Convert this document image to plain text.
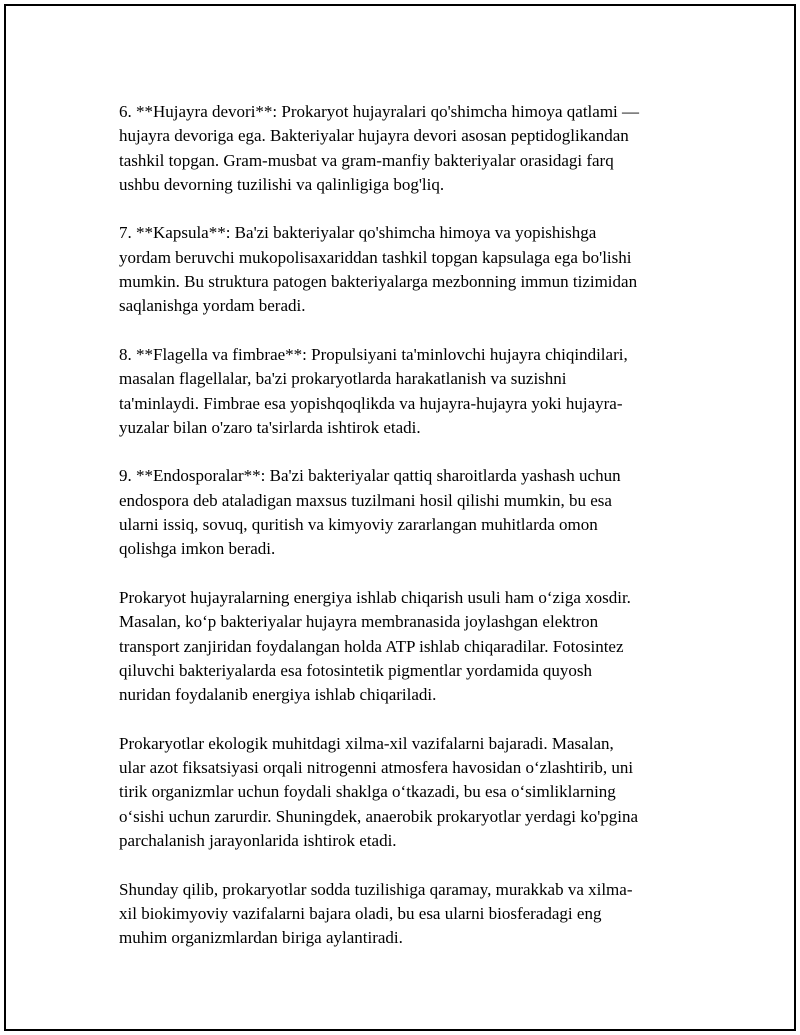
6. **Hujayra devori**: Prokaryot hujayralari qo'shimcha himoya qatlami —
hujayra devoriga ega. Bakteriyalar hujayra devori asosan peptidoglikandan
tashkil topgan. Gram-musbat va gram-manfiy bakteriyalar orasidagi farq
ushbu devorning tuzilishi va qalinligiga bog'liq.

7. **Kapsula**: Ba'zi bakteriyalar qo'shimcha himoya va yopishishga
yordam beruvchi mukopolisaxariddan tashkil topgan kapsulaga ega bo'lishi
mumkin. Bu struktura patogen bakteriyalarga mezbonning immun tizimidan
saqlanishga yordam beradi.

8. **Flagella va fimbrae**: Propulsiyani ta'minlovchi hujayra chiqindilari,
masalan flagellalar, ba'zi prokaryotlarda harakatlanish va suzishni
ta'minlaydi. Fimbrae esa yopishqoqlikda va hujayra-hujayra yoki hujayra-
yuzalar bilan o'zaro ta'sirlarda ishtirok etadi.

9. **Endosporalar**: Ba'zi bakteriyalar qattiq sharoitlarda yashash uchun
endospora deb ataladigan maxsus tuzilmani hosil qilishi mumkin, bu esa
ularni issiq, sovuq, quritish va kimyoviy zararlangan muhitlarda omon
qolishga imkon beradi.

Prokaryot hujayralarning energiya ishlab chiqarish usuli ham o‘ziga xosdir.
Masalan, ko‘p bakteriyalar hujayra membranasida joylashgan elektron
transport zanjiridan foydalangan holda ATP ishlab chiqaradilar. Fotosintez
qiluvchi bakteriyalarda esa fotosintetik pigmentlar yordamida quyosh
nuridan foydalanib energiya ishlab chiqariladi.

Prokaryotlar ekologik muhitdagi xilma-xil vazifalarni bajaradi. Masalan,
ular azot fiksatsiyasi orqali nitrogenni atmosfera havosidan o‘zlashtirib, uni
tirik organizmlar uchun foydali shaklga o‘tkazadi, bu esa o‘simliklarning
o‘sishi uchun zarurdir. Shuningdek, anaerobik prokaryotlar yerdagi ko'pgina
parchalanish jarayonlarida ishtirok etadi.

Shunday qilib, prokaryotlar sodda tuzilishiga qaramay, murakkab va xilma-
xil biokimyoviy vazifalarni bajara oladi, bu esa ularni biosferadagi eng
muhim organizmlardan biriga aylantiradi.
